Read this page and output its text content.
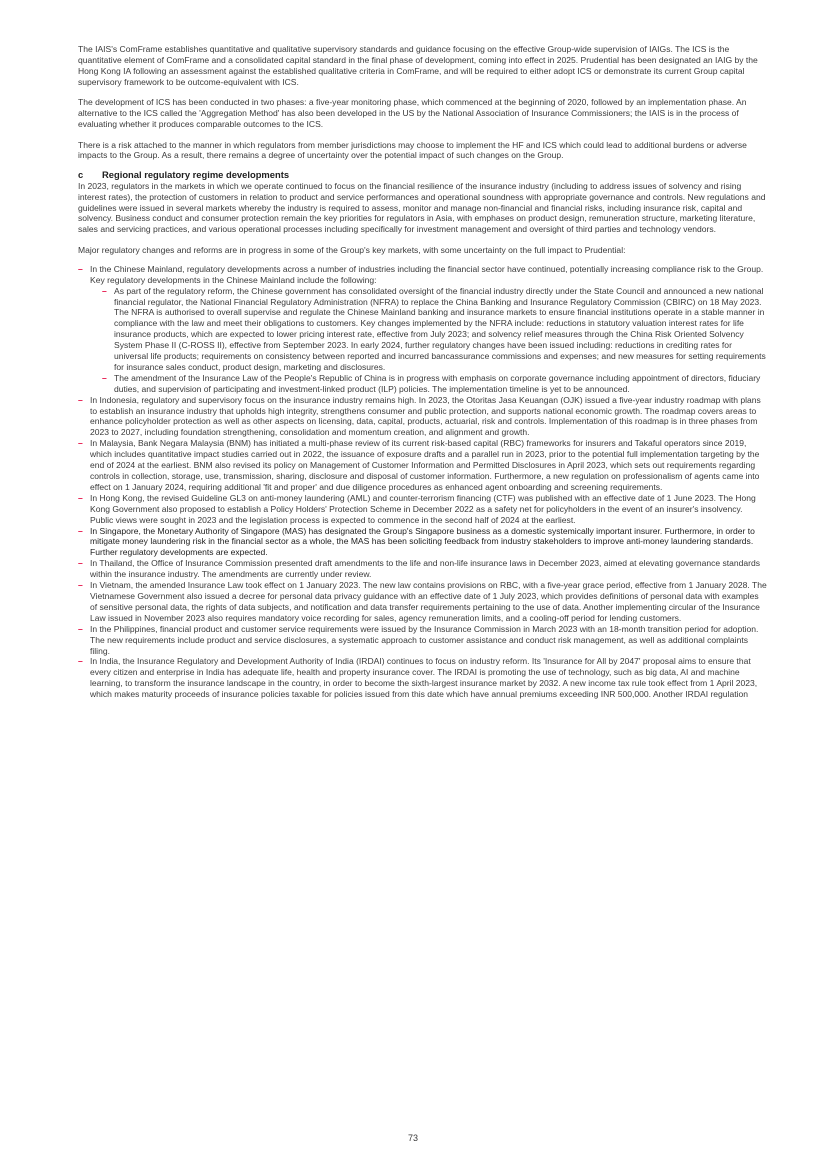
The IAIS's ComFrame establishes quantitative and qualitative supervisory standards and guidance focusing on the effective Group-wide supervision of IAIGs. The ICS is the quantitative element of ComFrame and a consolidated capital standard in the final phase of development, coming into effect in 2025. Prudential has been designated an IAIG by the Hong Kong IA following an assessment against the established qualitative criteria in ComFrame, and will be required to either adopt ICS or demonstrate its current Group capital supervisory framework to be outcome-equivalent with ICS.

The development of ICS has been conducted in two phases: a five-year monitoring phase, which commenced at the beginning of 2020, followed by an implementation phase. An alternative to the ICS called the 'Aggregation Method' has also been developed in the US by the National Association of Insurance Commissioners; the IAIS is in the process of evaluating whether it produces comparable outcomes to the ICS.

There is a risk attached to the manner in which regulators from member jurisdictions may choose to implement the HF and ICS which could lead to additional burdens or adverse impacts to the Group. As a result, there remains a degree of uncertainty over the potential impact of such changes on the Group.

c Regional regulatory regime developments

In 2023, regulators in the markets in which we operate continued to focus on the financial resilience of the insurance industry (including to address issues of solvency and rising interest rates), the protection of customers in relation to product and service performances and operational soundness with appropriate governance and controls. New regulations and guidelines were issued in several markets whereby the industry is required to assess, monitor and manage non-financial and financial risks, including insurance risk, capital and solvency. Business conduct and consumer protection remain the key priorities for regulators in Asia, with emphases on product design, remuneration structure, marketing literature, sales and servicing practices, and various operational processes including specifically for investment management and oversight of third parties and technology vendors.

Major regulatory changes and reforms are in progress in some of the Group's key markets, with some uncertainty on the full impact to Prudential:

– In the Chinese Mainland, regulatory developments across a number of industries including the financial sector have continued, potentially increasing compliance risk to the Group. Key regulatory developments in the Chinese Mainland include the following:
– As part of the regulatory reform, the Chinese government has consolidated oversight of the financial industry directly under the State Council and announced a new national financial regulator, the National Financial Regulatory Administration (NFRA) to replace the China Banking and Insurance Regulatory Commission (CBIRC) on 18 May 2023. The NFRA is authorised to overall supervise and regulate the Chinese Mainland banking and insurance markets to ensure financial institutions operate in a stable manner in compliance with the law and meet their obligations to customers. Key changes implemented by the NFRA include: reductions in statutory valuation interest rates for life insurance products, which are expected to lower pricing interest rate, effective from July 2023; and solvency relief measures through the China Risk Oriented Solvency System Phase II (C-ROSS II), effective from September 2023. In early 2024, further regulatory changes have been issued including: reductions in crediting rates for universal life products; requirements on consistency between reported and incurred bancassurance commissions and expenses; and new measures for setting requirements for insurance sales conduct, product design, marketing and disclosures.
– The amendment of the Insurance Law of the People's Republic of China is in progress with emphasis on corporate governance including appointment of directors, fiduciary duties, and supervision of participating and investment-linked product (ILP) policies. The implementation timeline is yet to be announced.
– In Indonesia, regulatory and supervisory focus on the insurance industry remains high. In 2023, the Otoritas Jasa Keuangan (OJK) issued a five-year industry roadmap with plans to establish an insurance industry that upholds high integrity, strengthens consumer and public protection, and supports national economic growth. The roadmap covers areas to enhance policyholder protection as well as other aspects on licensing, data, capital, products, actuarial, risk and controls. Implementation of this roadmap is in three phases from 2023 to 2027, including foundation strengthening, consolidation and momentum creation, and alignment and growth.
– In Malaysia, Bank Negara Malaysia (BNM) has initiated a multi-phase review of its current risk-based capital (RBC) frameworks for insurers and Takaful operators since 2019, which includes quantitative impact studies carried out in 2022, the issuance of exposure drafts and a parallel run in 2023, prior to the potential full implementation targeting by the end of 2024 at the earliest. BNM also revised its policy on Management of Customer Information and Permitted Disclosures in April 2023, which sets out requirements regarding controls in collection, storage, use, transmission, sharing, disclosure and disposal of customer information. Furthermore, a new regulation on professionalism of agents came into effect on 1 January 2024, requiring additional 'fit and proper' and due diligence procedures as enhanced agent onboarding and screening requirements.
– In Hong Kong, the revised Guideline GL3 on anti-money laundering (AML) and counter-terrorism financing (CTF) was published with an effective date of 1 June 2023. The Hong Kong Government also proposed to establish a Policy Holders' Protection Scheme in December 2022 as a safety net for policyholders in the event of an insurer's insolvency. Public views were sought in 2023 and the legislation process is expected to commence in the second half of 2024 at the earliest.
– In Singapore, the Monetary Authority of Singapore (MAS) has designated the Group's Singapore business as a domestic systemically important insurer. Furthermore, in order to mitigate money laundering risk in the financial sector as a whole, the MAS has been soliciting feedback from industry stakeholders to improve anti-money laundering standards. Further regulatory developments are expected.
– In Thailand, the Office of Insurance Commission presented draft amendments to the life and non-life insurance laws in December 2023, aimed at elevating governance standards within the insurance industry. The amendments are currently under review.
– In Vietnam, the amended Insurance Law took effect on 1 January 2023. The new law contains provisions on RBC, with a five-year grace period, effective from 1 January 2028. The Vietnamese Government also issued a decree for personal data privacy guidance with an effective date of 1 July 2023, which provides definitions of personal data with examples of sensitive personal data, the rights of data subjects, and notification and data transfer requirements pertaining to the use of data. Another implementing circular of the Insurance Law issued in November 2023 also requires mandatory voice recording for sales, agency remuneration limits, and a cooling-off period for lending customers.
– In the Philippines, financial product and customer service requirements were issued by the Insurance Commission in March 2023 with an 18-month transition period for adoption. The new requirements include product and service disclosures, a systematic approach to customer assistance and conduct risk management, as well as additional complaints filing.
– In India, the Insurance Regulatory and Development Authority of India (IRDAI) continues to focus on industry reform. Its 'Insurance for All by 2047' proposal aims to ensure that every citizen and enterprise in India has adequate life, health and property insurance cover. The IRDAI is promoting the use of technology, such as big data, AI and machine learning, to transform the insurance landscape in the country, in order to become the sixth-largest insurance market by 2032. A new income tax rule took effect from 1 April 2023, which makes maturity proceeds of insurance policies taxable for policies issued from this date which have annual premiums exceeding INR 500,000. Another IRDAI regulation
73
